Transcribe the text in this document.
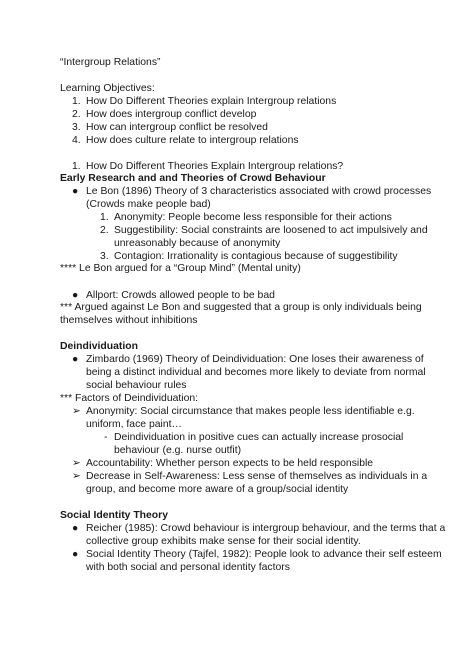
“Intergroup Relations”
Learning Objectives:
1. How Do Different Theories explain Intergroup relations
2. How does intergroup conflict develop
3. How can intergroup conflict be resolved
4. How does culture relate to intergroup relations
1. How Do Different Theories Explain Intergroup relations?
Early Research and and Theories of Crowd Behaviour
● Le Bon (1896) Theory of 3 characteristics associated with crowd processes
(Crowds make people bad)
1. Anonymity: People become less responsible for their actions
2. Suggestibility: Social constraints are loosened to act impulsively and
unreasonably because of anonymity
3. Contagion: Irrationality is contagious because of suggestibility
**** Le Bon argued for a “Group Mind” (Mental unity)
● Allport: Crowds allowed people to be bad
*** Argued against Le Bon and suggested that a group is only individuals being
themselves without inhibitions
Deindividuation
● Zimbardo (1969) Theory of Deindividuation: One loses their awareness of
being a distinct individual and becomes more likely to deviate from normal
social behaviour rules
*** Factors of Deindividuation:
➢ Anonymity: Social circumstance that makes people less identifiable e.g.
uniform, face paint…
- Deindividuation in positive cues can actually increase prosocial
behaviour (e.g. nurse outfit)
➢ Accountability: Whether person expects to be held responsible
➢ Decrease in Self-Awareness: Less sense of themselves as individuals in a
group, and become more aware of a group/social identity
Social Identity Theory
● Reicher (1985): Crowd behaviour is intergroup behaviour, and the terms that a
collective group exhibits make sense for their social identity.
● Social Identity Theory (Tajfel, 1982): People look to advance their self esteem
with both social and personal identity factors
